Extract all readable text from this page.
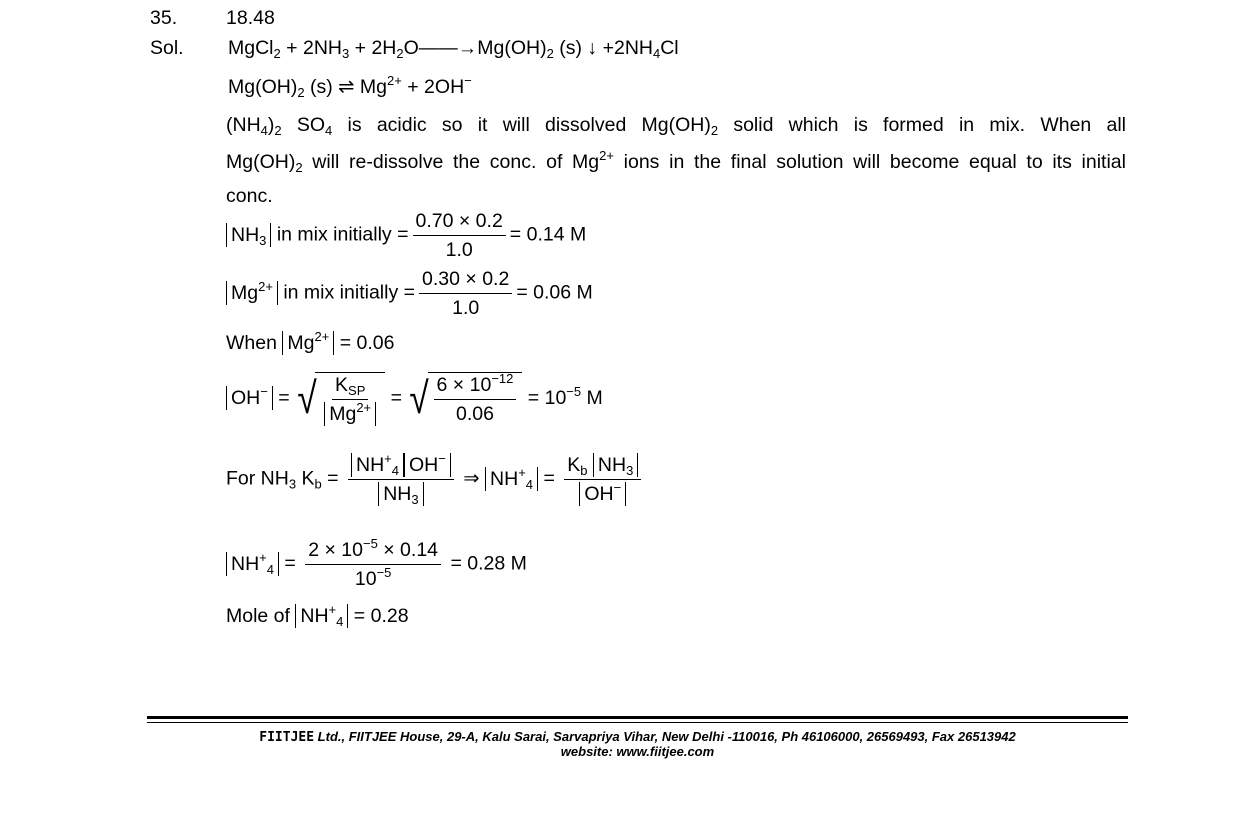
35.	18.48
Sol. MgCl$_2$ + $2NH_3$ + $2H_2O——\to Mg(OH)_2$ (s) ↓ $+2NH_4Cl$
$Mg(OH)_2$ (s) ⇌ $Mg^{2+} + 2OH^-$
$(NH_4)_2$ $SO_4$ is acidic so it will dissolved $Mg(OH)_2$ solid which is formed in mix. When all
$Mg(OH)_2$ will re-dissolve the conc. of $Mg^{2+}$ ions in the final solution will become equal to its initial
conc.
$NH_3$ in mix initially = $\frac{0.70 \times 0.2}{1.0} = 0.14$ M
$Mg^{2+}$ in mix initially = $\frac{0.30 \times 0.2}{1.0} = 0.06$ M
When $Mg^{2+} = 0.06$
OH− = √ $\frac{K_{SP}}{Mg^{2+}}$ = √ $\frac{6 \times 10^{-12}}{0.06} = 10^{-5}$ M
For $NH_3$ $K_b = \frac{NH^+_4 OH^-}{NH_3}$ ⇒ $NH^+_4 = \frac{K_b NH_3}{OH^-}$
$NH^+_4 = \frac{2 \times 10^{-5} \times 0.14}{10^{-5}} = 0.28$ M
Mole of $NH^+_4 = 0.28$
FIITJEE Ltd., FIITJEE House, 29-A, Kalu Sarai, Sarvapriya Vihar, New Delhi -110016, Ph 46106000, 26569493, Fax 26513942
website: www.fiitjee.com
